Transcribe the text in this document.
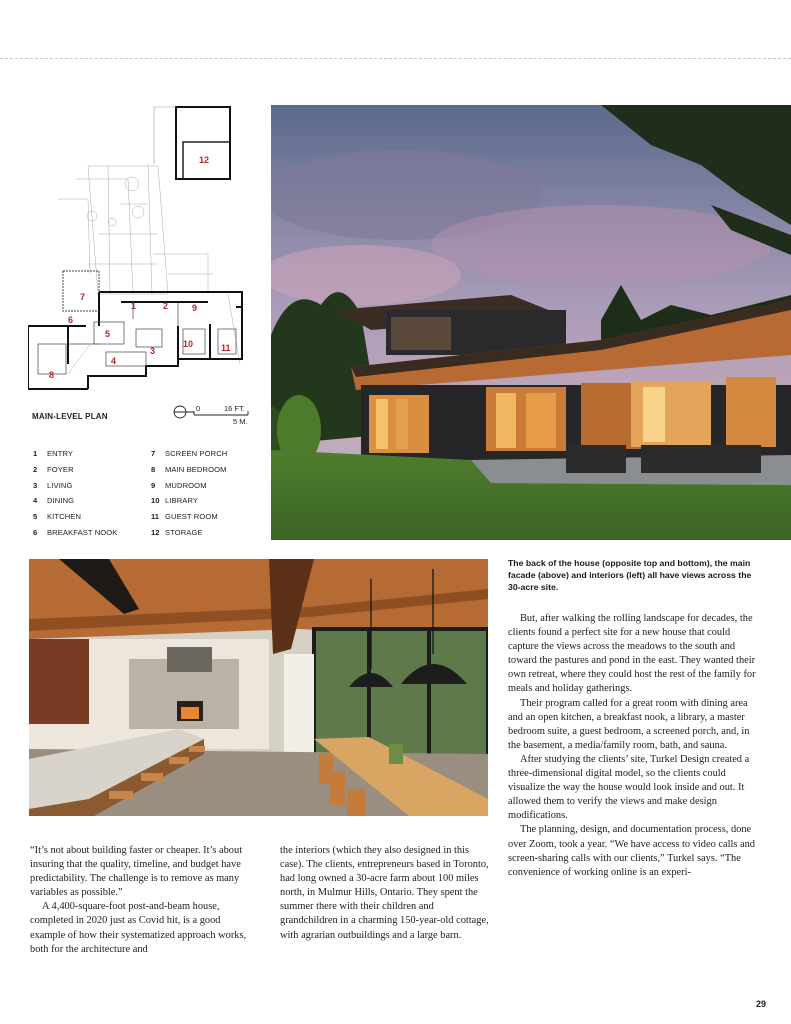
12
7
1	2	9
6
5
3
10	11
4
8
MAIN-LEVEL PLAN
0	16 FT.
5 M.
1	ENTRY
2	FOYER
3	LIVING
4	DINING
5	KITCHEN
6	BREAKFAST NOOK
7	SCREEN PORCH
8	MAIN BEDROOM
9	MUDROOM
10 LIBRARY
11 GUEST ROOM
12 STORAGE
The back of the house (opposite top and bottom), the main facade (above) and interiors (left) all have views across the 30-acre site.

“It’s not about building faster or cheaper. It’s about insuring that the quality, timeline, and budget have predictability. The challenge is to remove as many variables as possible.”

A 4,400-square-foot post-and-beam house, completed in 2020 just as Covid hit, is a good example of how their systematized approach works, both for the architecture and

the interiors (which they also designed in this case). The clients, entrepreneurs based in Toronto, had long owned a 30-acre farm about 100 miles north, in Mulmur Hills, Ontario. They spent the summer there with their children and grandchildren in a charming 150-year-old cottage, with agrarian outbuildings and a large barn.

But, after walking the rolling landscape for decades, the clients found a perfect site for a new house that could capture the views across the meadows to the south and toward the pastures and pond in the east. They wanted their own retreat, where they could host the rest of the family for meals and holiday gatherings.

Their program called for a great room with dining area and an open kitchen, a breakfast nook, a library, a master bedroom suite, a guest bedroom, a screened porch, and, in the basement, a media/family room, bath, and sauna.

After studying the clients’ site, Turkel Design created a three-dimensional digital model, so the clients could visualize the way the house would look inside and out. It allowed them to verify the views and make design modifications.

The planning, design, and documentation process, done over Zoom, took a year. “We have access to video calls and screen-sharing calls with our clients,” Turkel says. “The convenience of working online is an experi-

29
